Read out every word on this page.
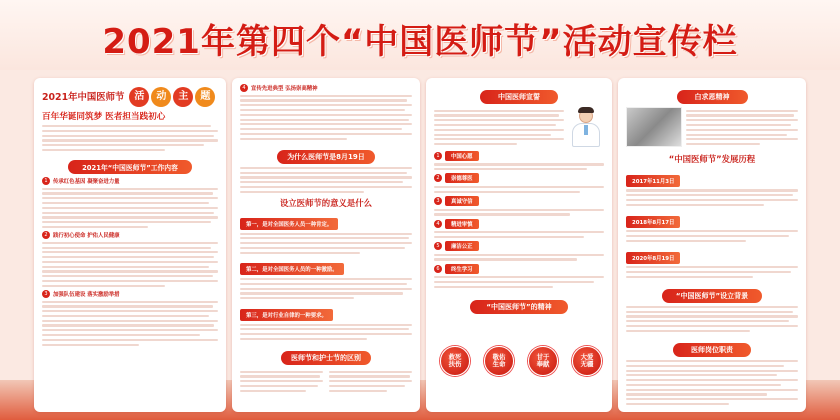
2021年第四个“中国医师节”活动宣传栏
2021年中国医师节	活 动 主 题
百年华诞同筑梦 医者担当践初心
2021年“中国医师节”工作内容
1	传承红色基因 凝聚奋进力量
2	践行初心使命 护佑人民健康
3	加强队伍建设 落实激励举措
4	宣传先进典型 弘扬崇高精神
为什么医师节是8月19日
设立医师节的意义是什么
第一，是对全国医务人员一种肯定。
第二，是对全国医务人员的一种激励。
第三，是对行业自律的一种要求。
医师节和护士节的区别
中国医师宣誓
1	中国心愿
2	崇德尊医
3	真诚守信
4	精进审慎
5	廉洁公正
6	终生学习
“中国医师节”的精神
救死
扶伤
敬佑
生命
甘于
奉献
大爱
无疆
白求恩精神
“中国医师节”发展历程
2017年11月3日
2018年8月17日
2020年8月19日
“中国医师节”设立背景
医师岗位职责
